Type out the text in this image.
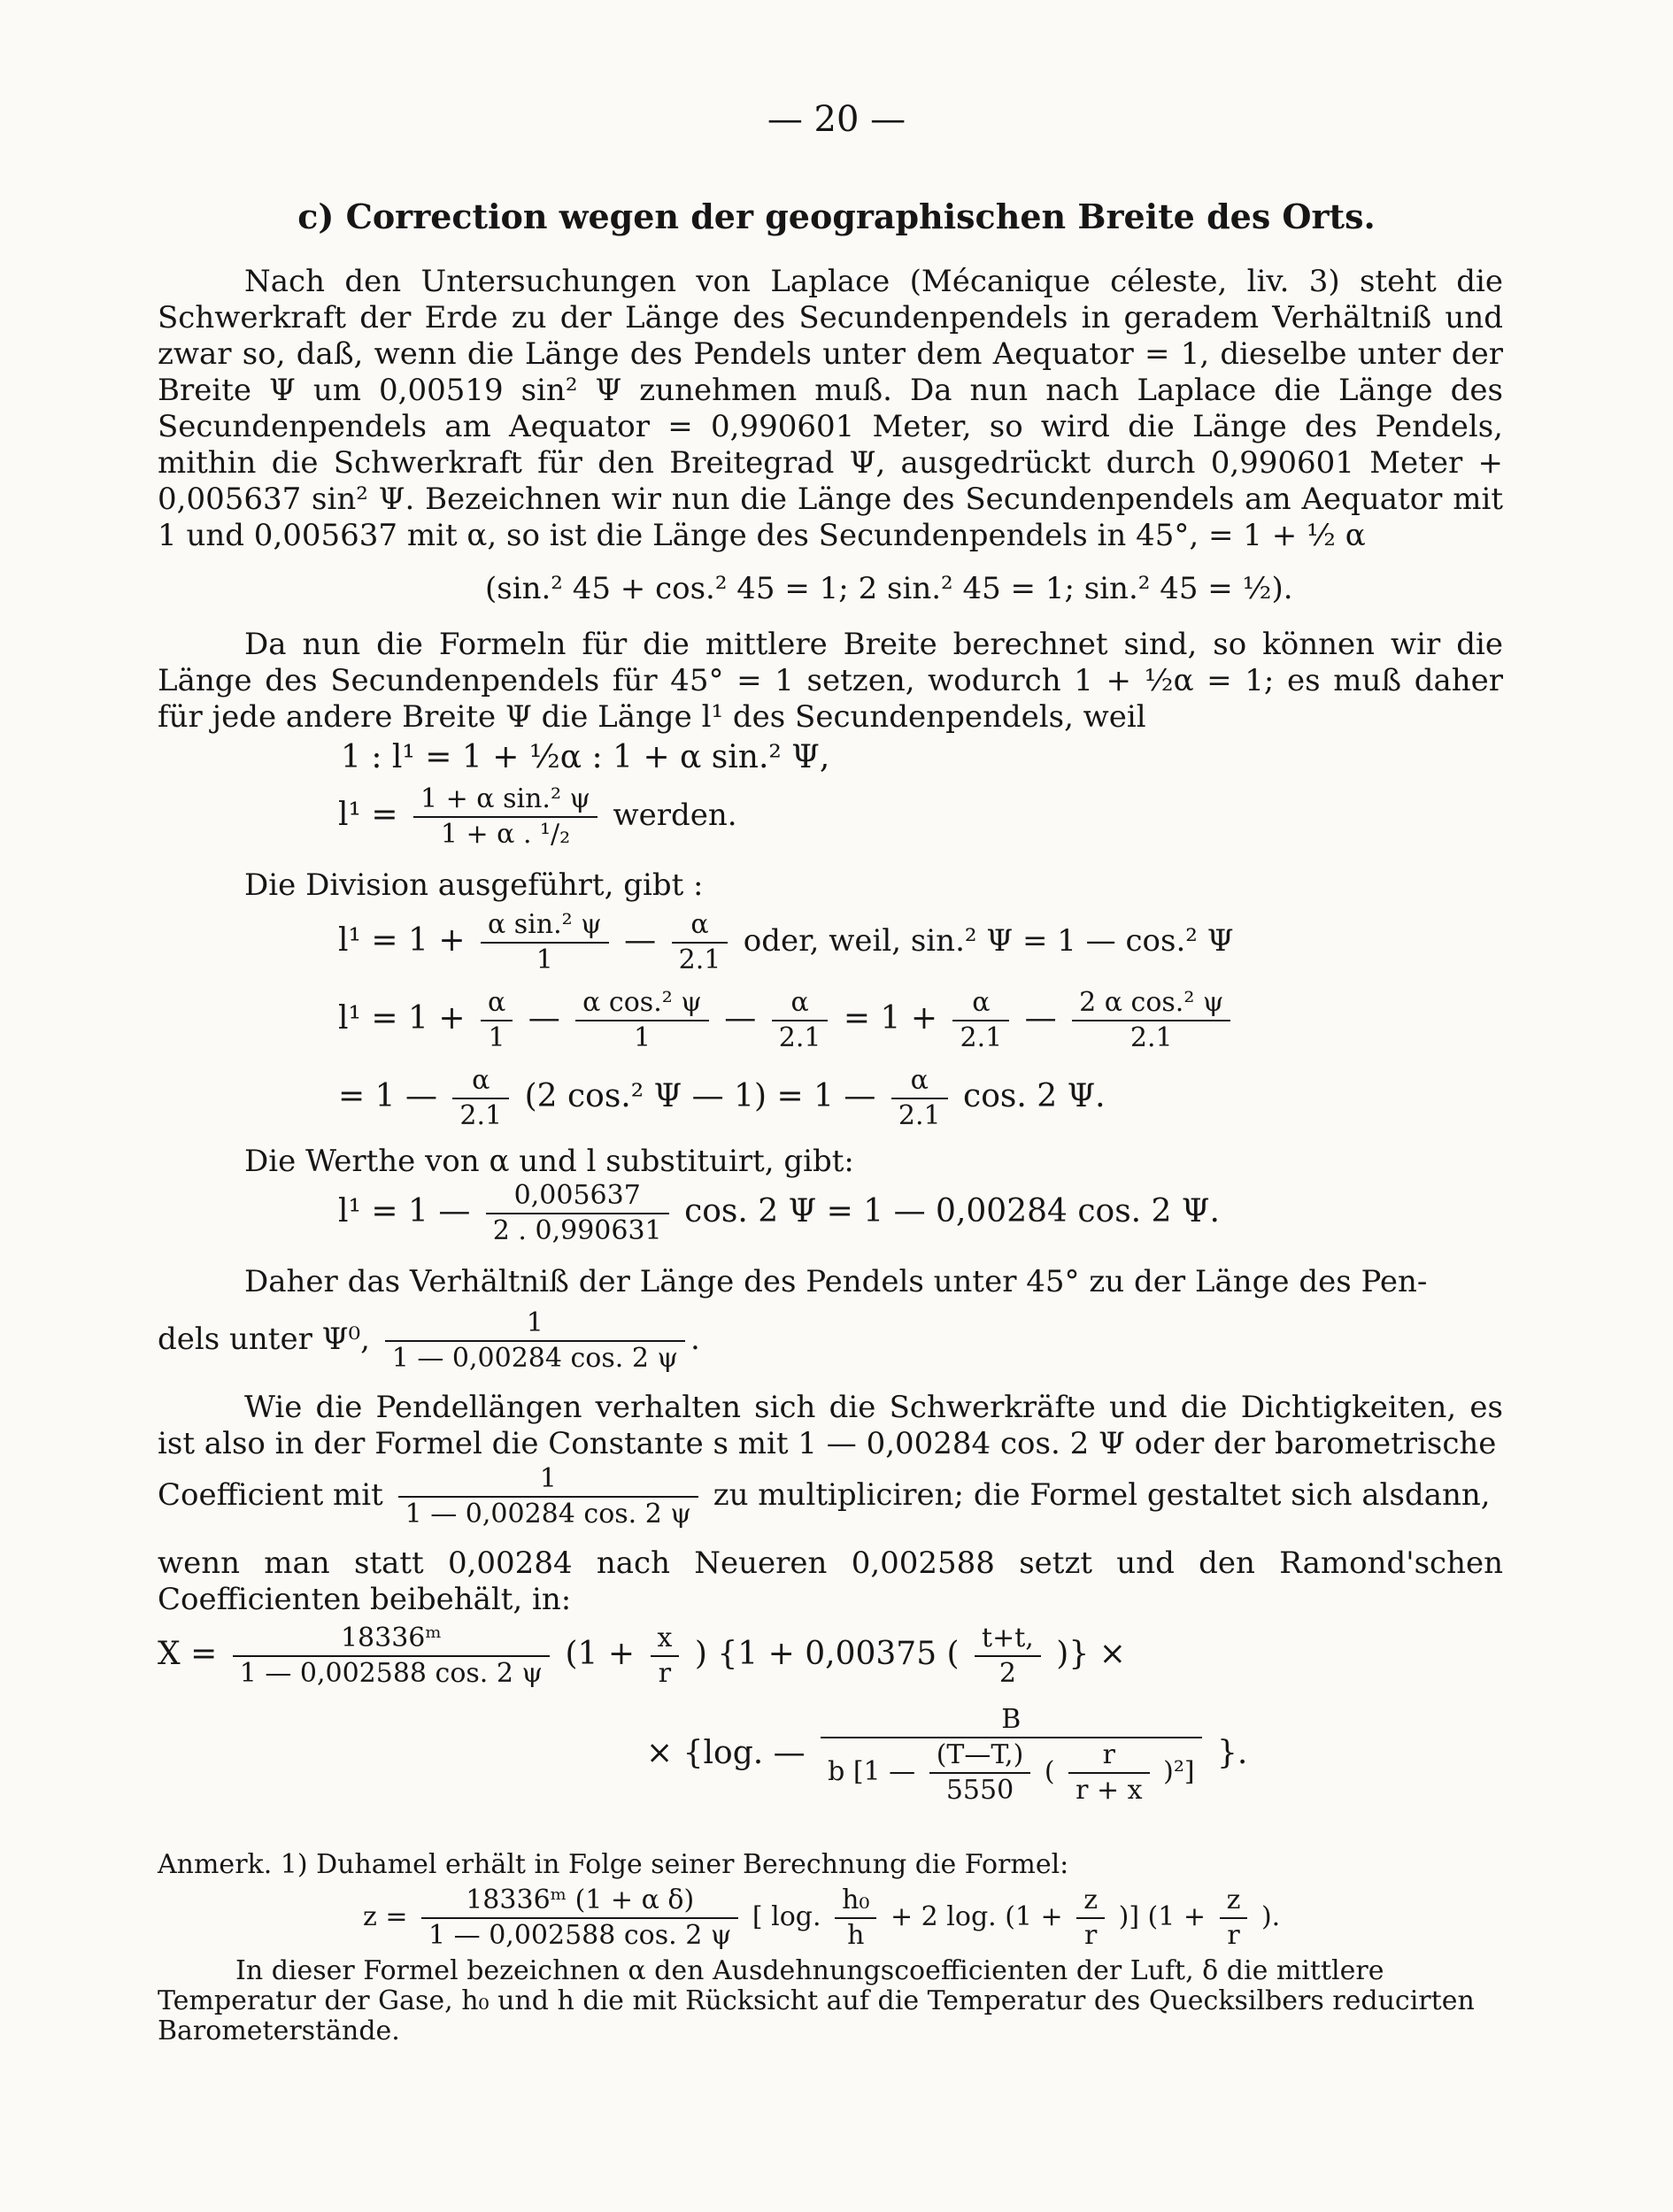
— 20 —
c) Correction wegen der geographischen Breite des Orts.

Nach den Untersuchungen von Laplace (Mécanique céleste, liv. 3) steht die Schwerkraft der Erde zu der Länge des Secundenpendels in geradem Verhältniß und zwar so, daß, wenn die Länge des Pendels unter dem Aequator = 1, dieselbe unter der Breite Ψ um 0,00519 sin² Ψ zunehmen muß. Da nun nach Laplace die Länge des Secundenpendels am Aequator = 0,990601 Meter, so wird die Länge des Pendels, mithin die Schwerkraft für den Breitegrad Ψ, ausgedrückt durch 0,990601 Meter + 0,005637 sin² Ψ. Bezeichnen wir nun die Länge des Secundenpendels am Aequator mit 1 und 0,005637 mit α, so ist die Länge des Secundenpendels in 45°, = 1 + ½ α

(sin.² 45 + cos.² 45 = 1; 2 sin.² 45 = 1; sin.² 45 = ½).

Da nun die Formeln für die mittlere Breite berechnet sind, so können wir die Länge des Secundenpendels für 45° = 1 setzen, wodurch 1 + ½α = 1; es muß daher für jede andere Breite Ψ die Länge l¹ des Secundenpendels, weil

1 : l¹ = 1 + ½α : 1 + α sin.² Ψ,
$l^1 = \frac{\text{1 + α sin.² ψ}}{\text{1 + α . ¹/₂}}$ werden.
Die Division ausgeführt, gibt :
$l^1 = 1 + \frac{\text{α sin.² ψ}}{1}$ — $\frac{\alpha}{2.1}$ oder, weil, sin.² Ψ = 1 — cos.² Ψ
$l^1 = 1 + \frac{\alpha}{1}$ — $\frac{\text{α cos.² ψ}}{1}$ — $\frac{\alpha}{2.1} = 1 + \frac{\alpha}{2.1}$ — $\frac{\text{2 α cos.² ψ}}{2.1}$
= 1 — $\frac{\alpha}{2.1} (2$ cos.² Ψ — 1) = 1 — $\frac{\alpha}{2.1} \cos$. 2 Ψ.
Die Werthe von α und l substituirt, gibt:
l¹ = 1 — $\frac{0,005637}{2 . 0,990631} \cos$. 2 Ψ = 1 — 0,00284 cos. 2 Ψ.
Daher das Verhältniß der Länge des Pendels unter 45° zu der Länge des Pen-
dels unter Ψ⁰, $\frac{1}{1 — 0,00284 \cos. 2 \psi}$ .

Wie die Pendellängen verhalten sich die Schwerkräfte und die Dichtigkeiten, es ist also in der Formel die Constante s mit 1 — 0,00284 cos. 2 Ψ oder der barometrische

Coefficient mit $\frac{1}{1 — 0,00284 \cos. 2 \psi}$ zu multipliciren; die Formel gestaltet sich alsdann,

wenn man statt 0,00284 nach Neueren 0,002588 setzt und den Ramond'schen Coefficienten beibehält, in:

$X = \frac{\text{18336ᵐ}}{1 — 0,002588 \cos. 2 \psi} (1 + \frac{x}{r}$ ) {1 + 0,00375 ( $\frac{t+t,}{2}$ )} ×
× {log. —
B
b [1 — $\frac{(T—T,)}{5550}$ ( $\frac{r}{r + x} )^2$]
}.
Anmerk. 1) Duhamel erhält in Folge seiner Berechnung die Formel:
$z = \frac{\text{18336ᵐ (1 + α δ)}}{1 — 0,002588 \cos. 2 \psi}$ [ log. $\frac{\text{h₀}}{h} + 2$ log. ($1 + \frac{z}{r}$ )] ($1 + \frac{z}{r}$ ).

In dieser Formel bezeichnen α den Ausdehnungscoefficienten der Luft, δ die mittlere Temperatur der Gase, h₀ und h die mit Rücksicht auf die Temperatur des Quecksilbers reducirten Barometerstände.
